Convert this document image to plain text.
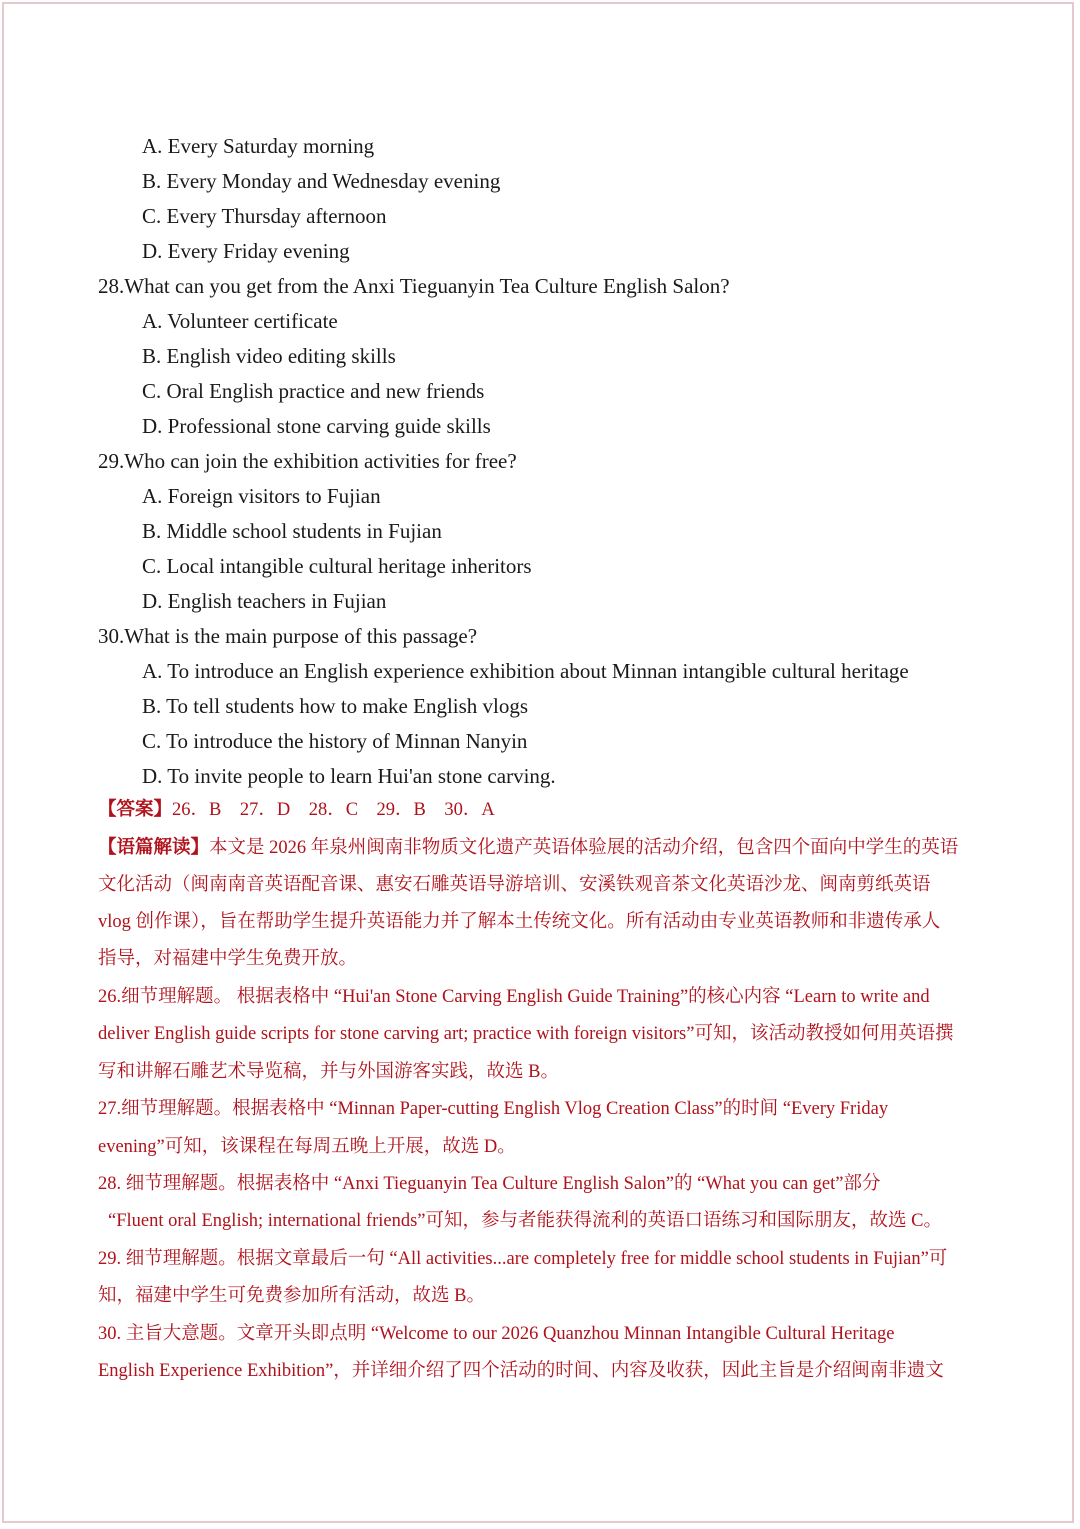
A. Every Saturday morning
B. Every Monday and Wednesday evening
C. Every Thursday afternoon
D. Every Friday evening
28.What can you get from the Anxi Tieguanyin Tea Culture English Salon?
A. Volunteer certificate
B. English video editing skills
C. Oral English practice and new friends
D. Professional stone carving guide skills
29.Who can join the exhibition activities for free?
A. Foreign visitors to Fujian
B. Middle school students in Fujian
C. Local intangible cultural heritage inheritors
D. English teachers in Fujian
30.What is the main purpose of this passage?
A. To introduce an English experience exhibition about Minnan intangible cultural heritage
B. To tell students how to make English vlogs
C. To introduce the history of Minnan Nanyin
D. To invite people to learn Hui'an stone carving.
【答案】26．B　27．D　28．C　29．B　30．A
【语篇解读】本文是 2026 年泉州闽南非物质文化遗产英语体验展的活动介绍，包含四个面向中学生的英语
文化活动（闽南南音英语配音课、惠安石雕英语导游培训、安溪铁观音茶文化英语沙龙、闽南剪纸英语
vlog 创作课），旨在帮助学生提升英语能力并了解本土传统文化。所有活动由专业英语教师和非遗传承人
指导，对福建中学生免费开放。
26.细节理解题。 根据表格中 “Hui'an Stone Carving English Guide Training”的核心内容 “Learn to write and
deliver English guide scripts for stone carving art; practice with foreign visitors”可知，该活动教授如何用英语撰
写和讲解石雕艺术导览稿，并与外国游客实践，故选 B。
27.细节理解题。根据表格中 “Minnan Paper-cutting English Vlog Creation Class”的时间 “Every Friday
evening”可知，该课程在每周五晚上开展，故选 D。
28. 细节理解题。根据表格中 “Anxi Tieguanyin Tea Culture English Salon”的 “What you can get”部分
“Fluent oral English; international friends”可知，参与者能获得流利的英语口语练习和国际朋友，故选 C。
29. 细节理解题。根据文章最后一句 “All activities...are completely free for middle school students in Fujian”可
知，福建中学生可免费参加所有活动，故选 B。
30. 主旨大意题。文章开头即点明 “Welcome to our 2026 Quanzhou Minnan Intangible Cultural Heritage
English Experience Exhibition”，并详细介绍了四个活动的时间、内容及收获，因此主旨是介绍闽南非遗文
